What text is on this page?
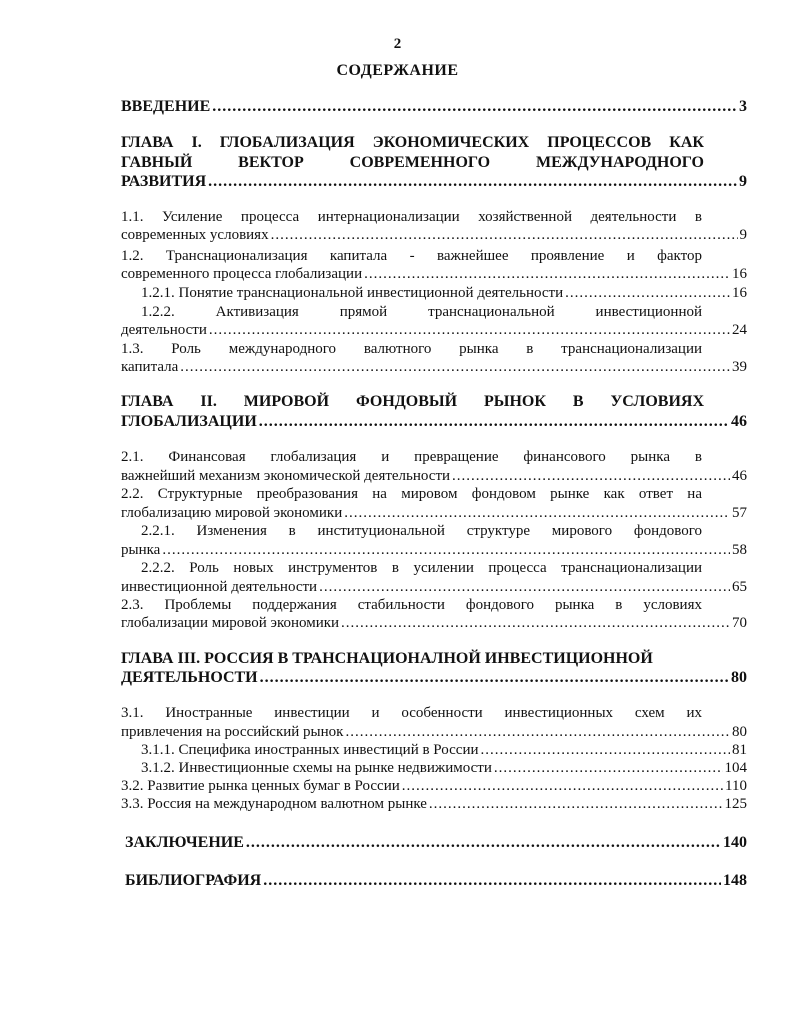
2
СОДЕРЖАНИЕ
ВВЕДЕНИЕ .....	3
ГЛАВА I. ГЛОБАЛИЗАЦИЯ ЭКОНОМИЧЕСКИХ ПРОЦЕССОВ КАК
ГАВНЫЙ ВЕКТОР СОВРЕМЕННОГО МЕЖДУНАРОДНОГО
РАЗВИТИЯ .....	9
1.1. Усиление процесса интернационализации хозяйственной деятельности в
современных условиях .....	9
1.2. Транснационализация капитала - важнейшее проявление и фактор
современного процесса глобализации .....	16
1.2.1. Понятие транснациональной инвестиционной деятельности .....	16
1.2.2. Активизация прямой транснациональной инвестиционной
деятельности .....	24
1.3. Роль международного валютного рынка в транснационализации
капитала .....	39
ГЛАВА II. МИРОВОЙ ФОНДОВЫЙ РЫНОК В УСЛОВИЯХ
ГЛОБАЛИЗАЦИИ .....	46
2.1. Финансовая глобализация и превращение финансового рынка в
важнейший механизм экономической деятельности .....	46
2.2. Структурные преобразования на мировом фондовом рынке как ответ на
глобализацию мировой экономики .....	57
2.2.1. Изменения в институциональной структуре мирового фондового
рынка .....	58
2.2.2. Роль новых инструментов в усилении процесса транснационализации
инвестиционной деятельности .....	65
2.3. Проблемы поддержания стабильности фондового рынка в условиях
глобализации мировой экономики .....	70
ГЛАВА III. РОССИЯ В ТРАНСНАЦИОНАЛНОЙ ИНВЕСТИЦИОННОЙ
ДЕЯТЕЛЬНОСТИ .....	80
3.1. Иностранные инвестиции и особенности инвестиционных схем их
привлечения на российский рынок .....	80
3.1.1. Специфика иностранных инвестиций в России .....	81
3.1.2. Инвестиционные схемы на рынке недвижимости .....	104
3.2. Развитие рынка ценных бумаг в России .....	110
3.3. Россия на международном валютном рынке .....	125
ЗАКЛЮЧЕНИЕ .....	140
БИБЛИОГРАФИЯ .....	148
